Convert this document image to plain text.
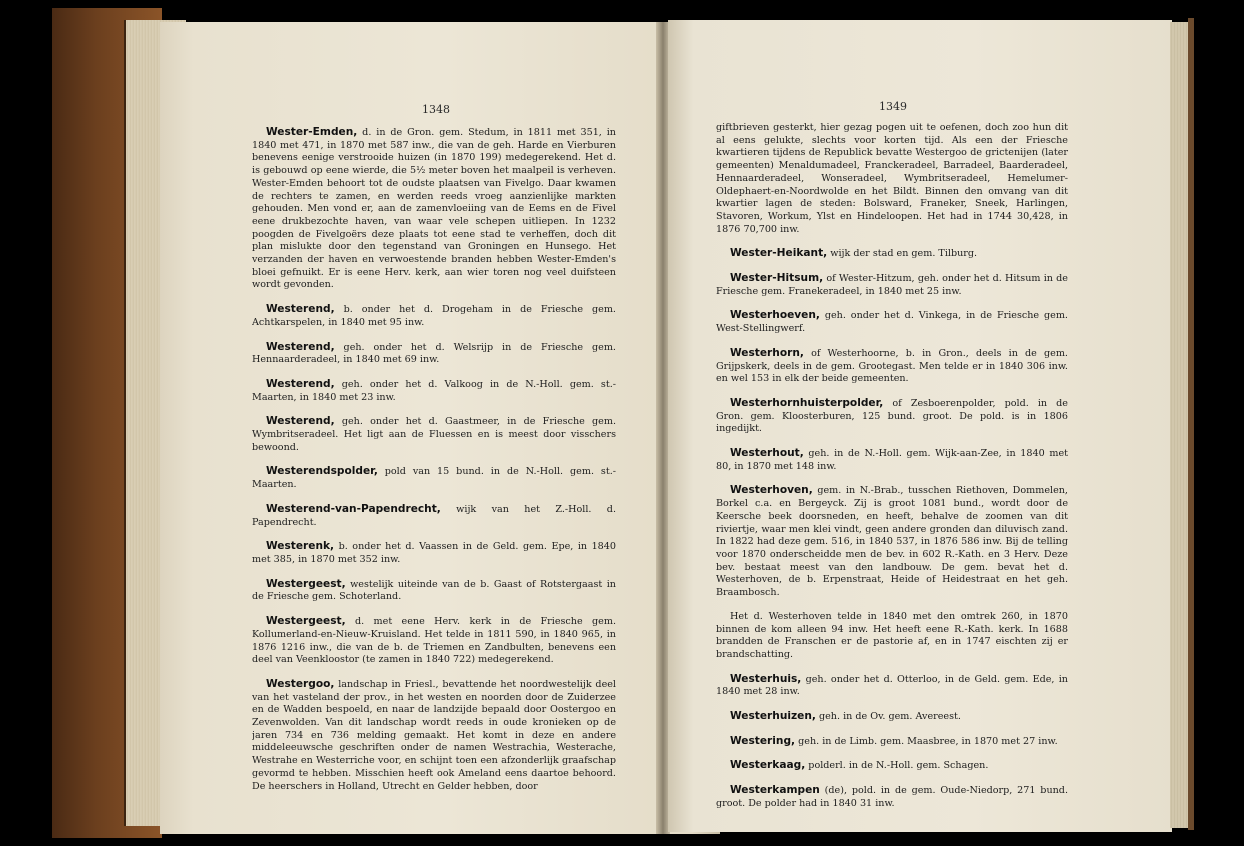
1348	1349

Wester-Emden, d. in de Gron. gem. Stedum, in 1811 met 351, in 1840 met 471, in 1870 met 587 inw., die van de geh. Harde en Vierburen benevens eenige verstrooide huizen (in 1870 199) medegerekend. Het d. is gebouwd op eene wierde, die 5½ meter boven het maalpeil is verheven. Wester-Emden behoort tot de oudste plaatsen van Fivelgo. Daar kwamen de rechters te zamen, en werden reeds vroeg aanzienlijke markten gehouden. Men vond er, aan de zamenvloeiing van de Eems en de Fivel eene drukbezochte haven, van waar vele schepen uitliepen. In 1232 poogden de Fivelgoërs deze plaats tot eene stad te verheffen, doch dit plan mislukte door den tegenstand van Groningen en Hunsego. Het verzanden der haven en verwoestende branden hebben Wester-Emden's bloei gefnuikt. Er is eene Herv. kerk, aan wier toren nog veel duifsteen wordt gevonden.

Westerend, b. onder het d. Drogeham in de Friesche gem. Achtkarspelen, in 1840 met 95 inw.

Westerend, geh. onder het d. Welsrijp in de Friesche gem. Hennaarderadeel, in 1840 met 69 inw.

Westerend, geh. onder het d. Valkoog in de N.-Holl. gem. st.-Maarten, in 1840 met 23 inw.

Westerend, geh. onder het d. Gaastmeer, in de Friesche gem. Wymbritseradeel. Het ligt aan de Fluessen en is meest door visschers bewoond.

Westerendspolder, pold van 15 bund. in de N.-Holl. gem. st.-Maarten.

Westerend-van-Papendrecht, wijk van het Z.-Holl. d. Papendrecht.

Westerenk, b. onder het d. Vaassen in de Geld. gem. Epe, in 1840 met 385, in 1870 met 352 inw.

Westergeest, westelijk uiteinde van de b. Gaast of Rotstergaast in de Friesche gem. Schoterland.

Westergeest, d. met eene Herv. kerk in de Friesche gem. Kollumerland-en-Nieuw-Kruisland. Het telde in 1811 590, in 1840 965, in 1876 1216 inw., die van de b. de Triemen en Zandbulten, benevens een deel van Veenkloostor (te zamen in 1840 722) medegerekend.

Westergoo, landschap in Friesl., bevattende het noordwestelijk deel van het vasteland der prov., in het westen en noorden door de Zuiderzee en de Wadden bespoeld, en naar de landzijde bepaald door Oostergoo en Zevenwolden. Van dit landschap wordt reeds in oude kronieken op de jaren 734 en 736 melding gemaakt. Het komt in deze en andere middeleeuwsche geschriften onder de namen Westrachia, Westerache, Westrahe en Westerriche voor, en schijnt toen een afzonderlijk graafschap gevormd te hebben. Misschien heeft ook Ameland eens daartoe behoord. De heerschers in Holland, Utrecht en Gelder hebben, door

giftbrieven gesterkt, hier gezag pogen uit te oefenen, doch zoo hun dit al eens gelukte, slechts voor korten tijd. Als een der Friesche kwartieren tijdens de Republick bevatte Westergoo de grictenijen (later gemeenten) Menaldumadeel, Franckeradeel, Barradeel, Baarderadeel, Hennaarderadeel, Wonseradeel, Wymbritseradeel, Hemelumer-Oldephaert-en-Noordwolde en het Bildt. Binnen den omvang van dit kwartier lagen de steden: Bolsward, Franeker, Sneek, Harlingen, Stavoren, Workum, Ylst en Hindeloopen. Het had in 1744 30,428, in 1876 70,700 inw.

Wester-Heikant, wijk der stad en gem. Tilburg.

Wester-Hitsum, of Wester-Hitzum, geh. onder het d. Hitsum in de Friesche gem. Franekeradeel, in 1840 met 25 inw.

Westerhoeven, geh. onder het d. Vinkega, in de Friesche gem. West-Stellingwerf.

Westerhorn, of Westerhoorne, b. in Gron., deels in de gem. Grijpskerk, deels in de gem. Grootegast. Men telde er in 1840 306 inw. en wel 153 in elk der beide gemeenten.

Westerhornhuisterpolder, of Zesboerenpolder, pold. in de Gron. gem. Kloosterburen, 125 bund. groot. De pold. is in 1806 ingedijkt.

Westerhout, geh. in de N.-Holl. gem. Wijk-aan-Zee, in 1840 met 80, in 1870 met 148 inw.

Westerhoven, gem. in N.-Brab., tusschen Riethoven, Dommelen, Borkel c.a. en Bergeyck. Zij is groot 1081 bund., wordt door de Keersche beek doorsneden, en heeft, behalve de zoomen van dit riviertje, waar men klei vindt, geen andere gronden dan diluvisch zand. In 1822 had deze gem. 516, in 1840 537, in 1876 586 inw. Bij de telling voor 1870 onderscheidde men de bev. in 602 R.-Kath. en 3 Herv. Deze bev. bestaat meest van den landbouw. De gem. bevat het d. Westerhoven, de b. Erpenstraat, Heide of Heidestraat en het geh. Braambosch.

Het d. Westerhoven telde in 1840 met den omtrek 260, in 1870 binnen de kom alleen 94 inw. Het heeft eene R.-Kath. kerk. In 1688 brandden de Franschen er de pastorie af, en in 1747 eischten zij er brandschatting.

Westerhuis, geh. onder het d. Otterloo, in de Geld. gem. Ede, in 1840 met 28 inw.

Westerhuizen, geh. in de Ov. gem. Avereest.

Westering, geh. in de Limb. gem. Maasbree, in 1870 met 27 inw.

Westerkaag, polderl. in de N.-Holl. gem. Schagen.

Westerkampen (de), pold. in de gem. Oude-Niedorp, 271 bund. groot. De polder had in 1840 31 inw.
